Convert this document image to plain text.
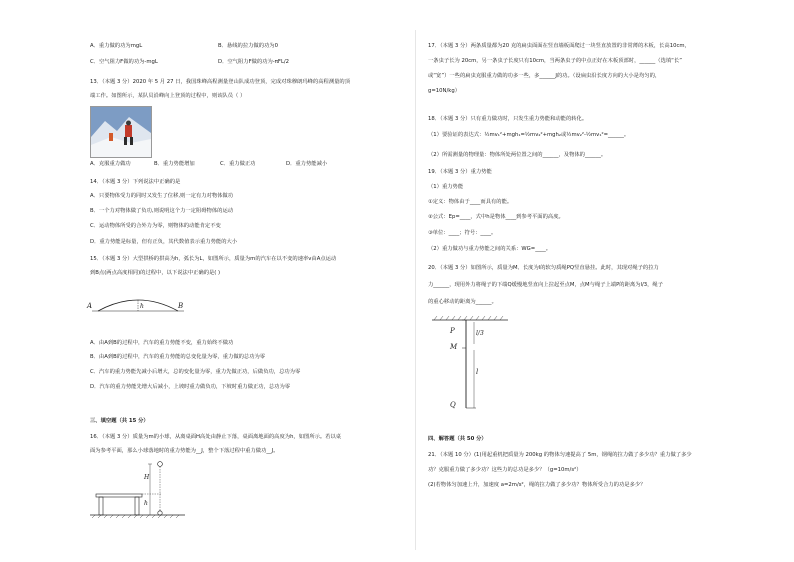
A．重力做的功为mgL	B．悬线的拉力做的功为0

C．空气阻力F做的功为-mgL	D．空气阻力F做的功为-πFL/2

13．（本题 3 分）2020 年 5 月 27 日，我国珠峰高程测量登山队成功登顶，完成对珠穆朗玛峰的高程测量的顶

端工作。如图所示，某队员沿峰向上登顶的过程中，则该队员（ ）

A．克服重力做功	B．重力势能增加	C．重力做正功	D．重力势能减小

14．（本题 3 分）下列说法中正确的是

A．只要物体受力的同时又发生了位移,则一定有力对物体做功

B．一个力对物体做了负功,则说明这个力一定阻碍物体的运动

C．运动物体所受的合外力为零，则物体的动能肯定不变

D．重力势能是标量，但有正负，其代数值表示重力势能的大小

15．（本题 3 分）大型拱桥的拱高为h，弧长为L，如图所示，质量为m的汽车在以不变的速率v由A点运动

到B点(两点高度相同)的过程中，以下说法中正确的是( )

A	B
h

A．由A到B的过程中，汽车的重力势能不变，重力始终不做功

B．由A到B的过程中，汽车的重力势能的总变化量为零，重力做的总功为零

C．汽车的重力势能先减小后增大，总的变化量为零，重力先做正功，后做负功，总功为零

D．汽车的重力势能先增大后减小，上坡时重力做负功，下坡时重力做正功，总功为零

三、填空题（共 15 分）

16．（本题 3 分）质量为m的小球，从离桌面H高处由静止下落，桌面离地面的高度为h，如图所示。若以桌

面为参考平面，那么小球落地时的重力势能为__J，整个下落过程中重力做功__J。

H
h

17．（本题 3 分）两条质量都为20 克的扁虫面面在竖直墙板面爬过一块竖直放置的非常薄的木板，长高10cm，

一条虫子长为 20cm，另一条虫子长度只有10cm，当两条虫子的中点正好在木板顶部时，______（选填“长”

或“宽”）一些的扁虫克服重力做的功多一些，多______J的功。（设扁虫沿长度方向的大小是均匀的，

g=10N/kg）

18．（本题 3 分）只有重力做功时，只发生重力势能和动能的转化。

（1）要验证的表达式：½mv₁²+mgh₁=½mv₂²+mgh₂或½mv₂²-½mv₁²=______。

（2）所需测量的物理量：物体所处两位置之间的______，及物体的______。

19．（本题 3 分）重力势能

（1）重力势能

①定义：物体由于____而具有的能。

②公式：Ep=____，式中h是物体____到参考平面的高度。

③单位：____；符号：____。

（2）重力做功与重力势能之间的关系：WG=____。

20．（本题 3 分）如图所示，质量为M、长度为l的软匀质绳PQ竖直悬挂。此时，其现对绳子的拉力

力______，现用外力将绳子的下端Q缓慢地竖直向上拉起至点M，点M与绳子上端P的距离为l/3，绳子

的重心移动的距离为______。

P
M
Q
l/3
l

四、解答题（共 50 分）

21．（本题 10 分）(1)用起重机把质量为 200kg 的物体匀速提高了 5m，钢绳的拉力做了多少功？重力做了多少

功？克服重力做了多少功？这些力的总功是多少？（g=10m/s²）

(2)若物体匀加速上升，加速度 a=2m/s²，绳的拉力做了多少功？物体所受合力的功是多少？
